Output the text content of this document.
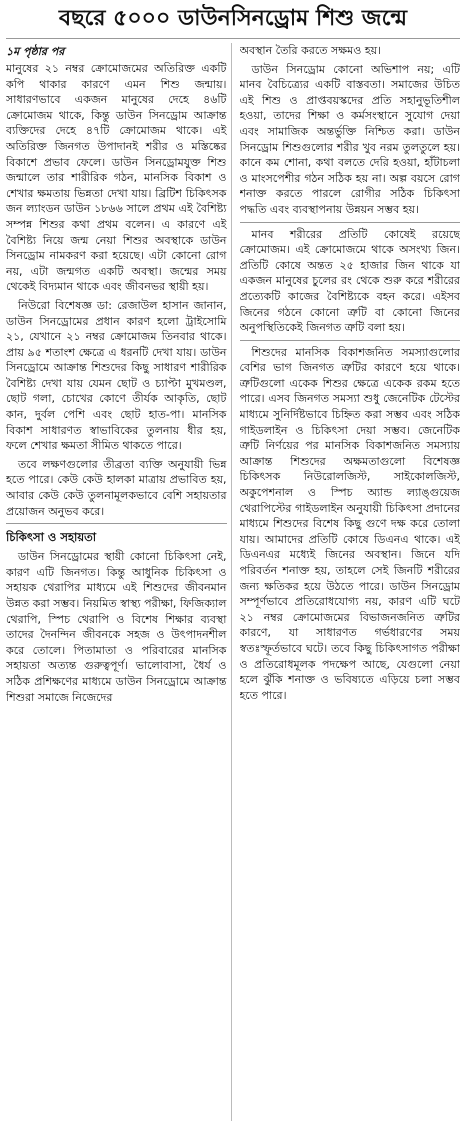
বছরে ৫০০০ ডাউনসিনড্রোম শিশু জন্মে
১ম পৃষ্ঠার পর

মানুষের ২১ নম্বর ক্রোমোজমের অতিরিক্ত একটি কপি থাকার কারণে এমন শিশু জন্মায়। সাধারণভাবে একজন মানুষের দেহে ৪৬টি ক্রোমোজম থাকে, কিন্তু ডাউন সিনড্রোম আক্রান্ত ব্যক্তিদের দেহে ৪৭টি ক্রোমোজম থাকে। এই অতিরিক্ত জিনগত উপাদানই শরীর ও মস্তিষ্কের বিকাশে প্রভাব ফেলে। ডাউন সিনড্রোমযুক্ত শিশু জন্মালে তার শারীরিক গঠন, মানসিক বিকাশ ও শেখার ক্ষমতায় ভিন্নতা দেখা যায়। ব্রিটিশ চিকিৎসক জন ল্যাংডন ডাউন ১৮৬৬ সালে প্রথম এই বৈশিষ্ট্য সম্পন্ন শিশুর কথা প্রথম বলেন। এ কারণে এই বৈশিষ্ট্য নিয়ে জন্ম নেয়া শিশুর অবস্থাকে ডাউন সিনড্রোম নামকরণ করা হয়েছে। এটা কোনো রোগ নয়, এটা জন্মগত একটি অবস্থা। জন্মের সময় থেকেই বিদ্যমান থাকে এবং জীবনভর স্থায়ী হয়।

নিউরো বিশেষজ্ঞ ডা: রেজাউল হাসান জানান, ডাউন সিনড্রোমের প্রধান কারণ হলো ট্রাইসোমি ২১, যেখানে ২১ নম্বর ক্রোমোজম তিনবার থাকে। প্রায় ৯৫ শতাংশ ক্ষেত্রে এ ধরনটি দেখা যায়। ডাউন সিনড্রোমে আক্রান্ত শিশুদের কিছু সাধারণ শারীরিক বৈশিষ্ট্য দেখা যায় যেমন ছোট ও চ্যাপ্টা মুখমণ্ডল, ছোট গলা, চোখের কোণে তীর্যক আকৃতি, ছোট কান, দুর্বল পেশি এবং ছোট হাত-পা। মানসিক বিকাশ সাধারণত স্বাভাবিকের তুলনায় ধীর হয়, ফলে শেখার ক্ষমতা সীমিত থাকতে পারে।

তবে লক্ষণগুলোর তীব্রতা ব্যক্তি অনুযায়ী ভিন্ন হতে পারে। কেউ কেউ হালকা মাত্রায় প্রভাবিত হয়, আবার কেউ কেউ তুলনামূলকভাবে বেশি সহায়তার প্রয়োজন অনুভব করে।

চিকিৎসা ও সহায়তা

ডাউন সিনড্রোমের স্থায়ী কোনো চিকিৎসা নেই, কারণ এটি জিনগত। কিন্তু আধুনিক চিকিৎসা ও সহায়ক থেরাপির মাধ্যমে এই শিশুদের জীবনমান উন্নত করা সম্ভব। নিয়মিত স্বাস্থ্য পরীক্ষা, ফিজিক্যাল থেরাপি, স্পিচ থেরাপি ও বিশেষ শিক্ষার ব্যবস্থা তাদের দৈনন্দিন জীবনকে সহজ ও উৎপাদনশীল করে তোলে। পিতামাতা ও পরিবারের মানসিক সহায়তা অত্যন্ত গুরুত্বপূর্ণ। ভালোবাসা, ধৈর্য ও সঠিক প্রশিক্ষণের মাধ্যমে ডাউন সিনড্রোমে আক্রান্ত শিশুরা সমাজে নিজেদের

অবস্থান তৈরি করতে সক্ষমও হয়।

ডাউন সিনড্রোম কোনো অভিশাপ নয়; এটি মানব বৈচিত্র্যের একটি বাস্তবতা। সমাজের উচিত এই শিশু ও প্রাপ্তবয়স্কদের প্রতি সহানুভূতিশীল হওয়া, তাদের শিক্ষা ও কর্মসংস্থানে সুযোগ দেয়া এবং সামাজিক অন্তর্ভুক্তি নিশ্চিত করা। ডাউন সিনড্রোম শিশুগুলোর শরীর খুব নরম তুলতুলে হয়। কানে কম শোনা, কথা বলতে দেরি হওয়া, হাঁটাচলা ও মাংসপেশীর গঠন সঠিক হয় না। অল্প বয়সে রোগ শনাক্ত করতে পারলে রোগীর সঠিক চিকিৎসা পদ্ধতি এবং ব্যবস্থাপনায় উন্নয়ন সম্ভব হয়।

মানব শরীরের প্রতিটি কোষেই রয়েছে ক্রোমোজম। এই ক্রোমোজমে থাকে অসংখ্য জিন। প্রতিটি কোষে অন্তত ২৫ হাজার জিন থাকে যা একজন মানুষের চুলের রং থেকে শুরু করে শরীরের প্রত্যেকটি কাজের বৈশিষ্ট্যকে বহন করে। এইসব জিনের গঠনে কোনো ত্রুটি বা কোনো জিনের অনুপস্থিতিকেই জিনগত ত্রুটি বলা হয়।

শিশুদের মানসিক বিকাশজনিত সমস্যাগুলোর বেশির ভাগ জিনগত ত্রুটির কারণে হয়ে থাকে। ত্রুটিগুলো একেক শিশুর ক্ষেত্রে একেক রকম হতে পারে। এসব জিনগত সমস্যা শুধু জেনেটিক টেস্টের মাধ্যমে সুনির্দিষ্টভাবে চিহ্নিত করা সম্ভব এবং সঠিক গাইডলাইন ও চিকিৎসা দেয়া সম্ভব। জেনেটিক ত্রুটি নির্ণয়ের পর মানসিক বিকাশজনিত সমস্যায় আক্রান্ত শিশুদের অক্ষমতাগুলো বিশেষজ্ঞ চিকিৎসক নিউরোলজিস্ট, সাইকোলজিস্ট, অকুপেশনাল ও স্পিচ অ্যান্ড ল্যাঙ্গুয়েজ থেরাপিস্টের গাইডলাইন অনুযায়ী চিকিৎসা প্রদানের মাধ্যমে শিশুদের বিশেষ কিছু গুণে দক্ষ করে তোলা যায়। আমাদের প্রতিটি কোষে ডিএনএ থাকে। এই ডিএনএর মধ্যেই জিনের অবস্থান। জিনে যদি পরিবর্তন শনাক্ত হয়, তাহলে সেই জিনটি শরীরের জন্য ক্ষতিকর হয়ে উঠতে পারে। ডাউন সিনড্রোম সম্পূর্ণভাবে প্রতিরোধযোগ্য নয়, কারণ এটি ঘটে ২১ নম্বর ক্রোমোজমের বিভাজনজনিত ত্রুটির কারণে, যা সাধারণত গর্ভধারণের সময় স্বতঃস্ফূর্তভাবে ঘটে। তবে কিছু চিকিৎসাগত পরীক্ষা ও প্রতিরোধমূলক পদক্ষেপ আছে, যেগুলো নেয়া হলে ঝুঁকি শনাক্ত ও ভবিষ্যতে এড়িয়ে চলা সম্ভব হতে পারে।
